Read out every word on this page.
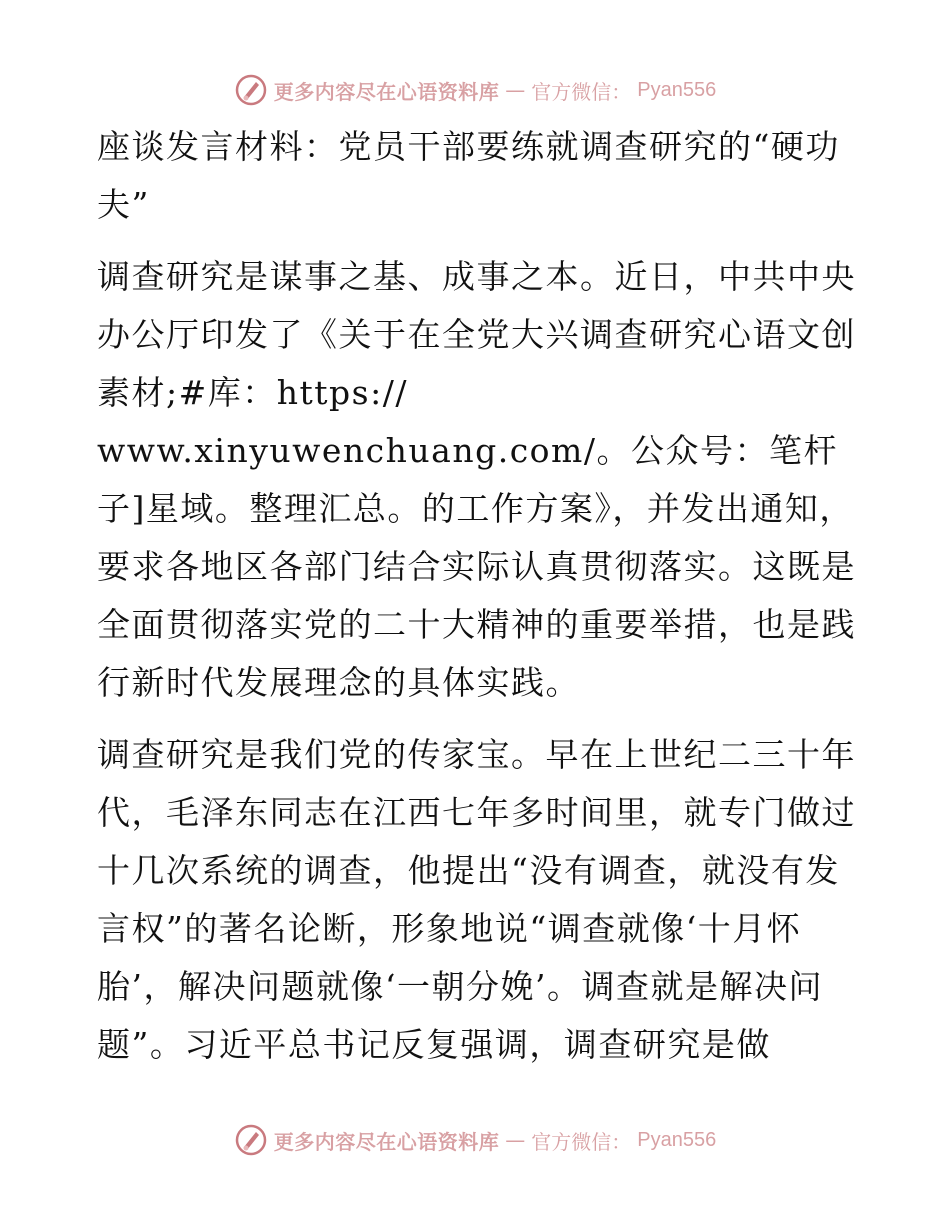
更多内容尽在心语资料库 — 官方微信： Pyan556

座谈发言材料：党员干部要练就调查研究的“硬功夫”

调查研究是谋事之基、成事之本。近日，中共中央办公厅印发了《关于在全党大兴调查研究心语文创素材;#库：https://
www.xinyuwenchuang.com/。公众号：笔杆子]星域。整理汇总。的工作方案》，并发出通知，要求各地区各部门结合实际认真贯彻落实。这既是全面贯彻落实党的二十大精神的重要举措，也是践行新时代发展理念的具体实践。

调查研究是我们党的传家宝。早在上世纪二三十年代，毛泽东同志在江西七年多时间里，就专门做过十几次系统的调查，他提出“没有调查，就没有发言权”的著名论断，形象地说“调查就像‘十月怀胎’，解决问题就像‘一朝分娩’。调查就是解决问题”。习近平总书记反复强调，调查研究是做

更多内容尽在心语资料库 — 官方微信： Pyan556
